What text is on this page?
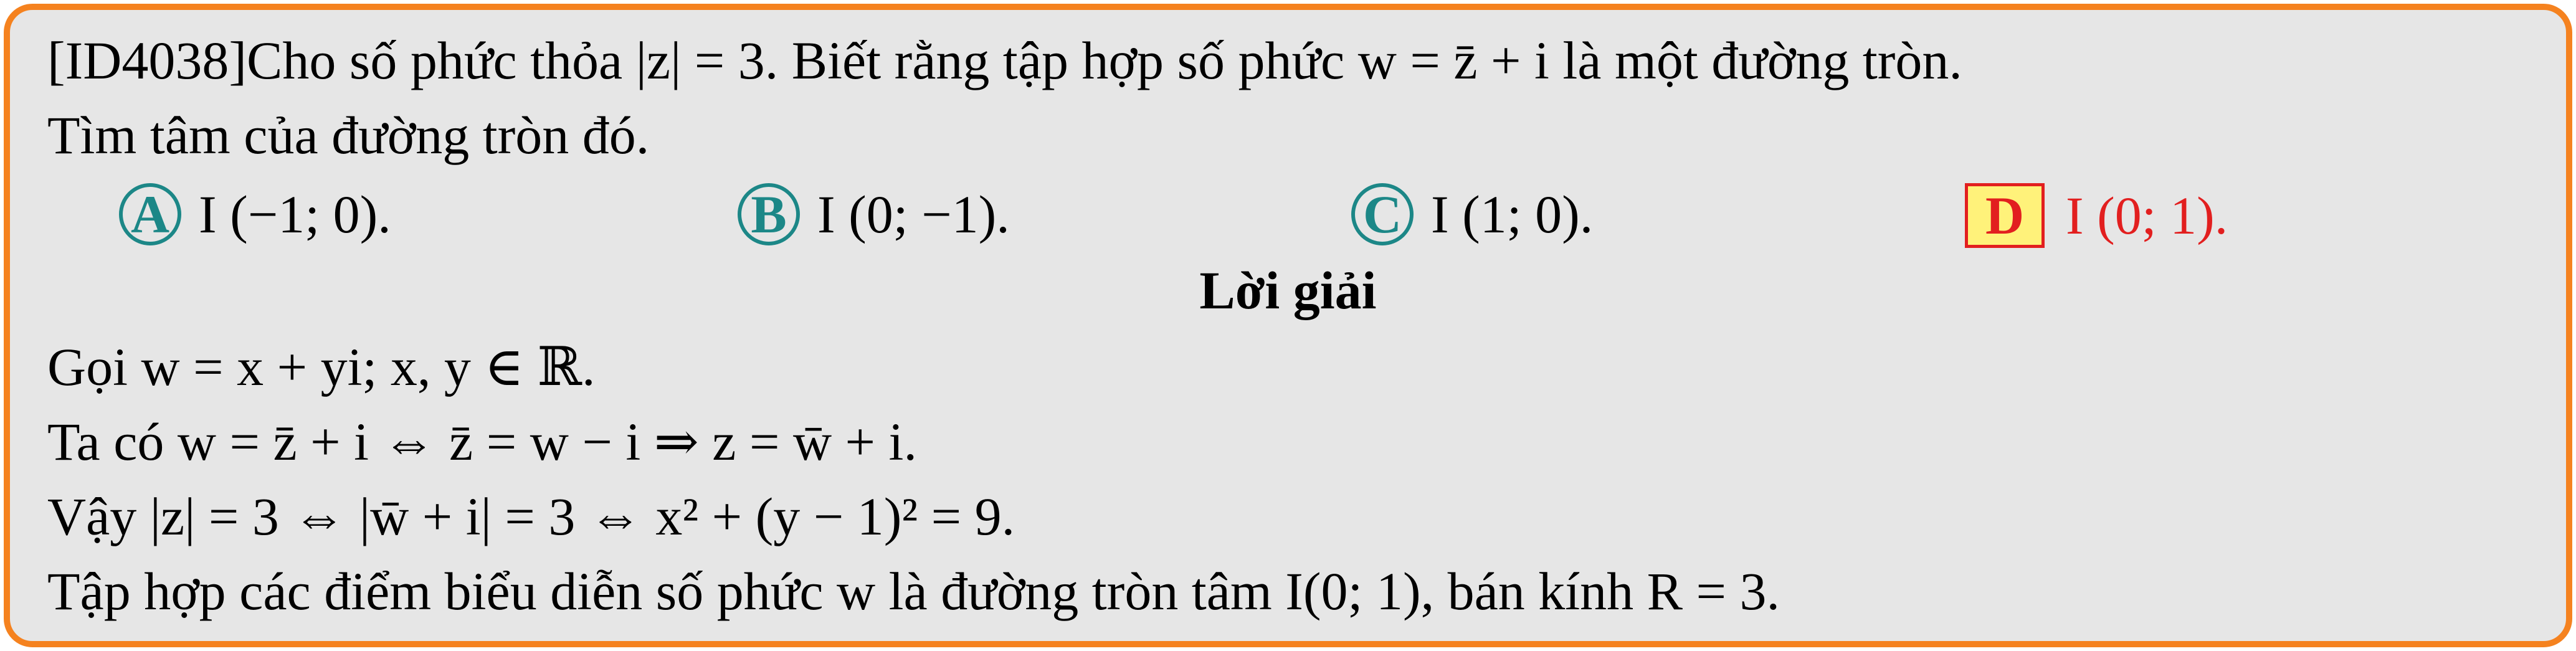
[ID4038]Cho số phức thỏa |z| = 3. Biết rằng tập hợp số phức w = z̄ + i là một đường tròn.
Tìm tâm của đường tròn đó.
A I (−1; 0).	B I (0; −1).	C I (1; 0).	D I (0; 1).
Lời giải
Gọi w = x + yi; x, y ∈ ℝ.
Ta có w = z̄ + i ⇔ z̄ = w − i ⇒ z = w̄ + i.
Vậy |z| = 3 ⇔ |w̄ + i| = 3 ⇔ x² + (y − 1)² = 9.
Tập hợp các điểm biểu diễn số phức w là đường tròn tâm I(0; 1), bán kính R = 3.
